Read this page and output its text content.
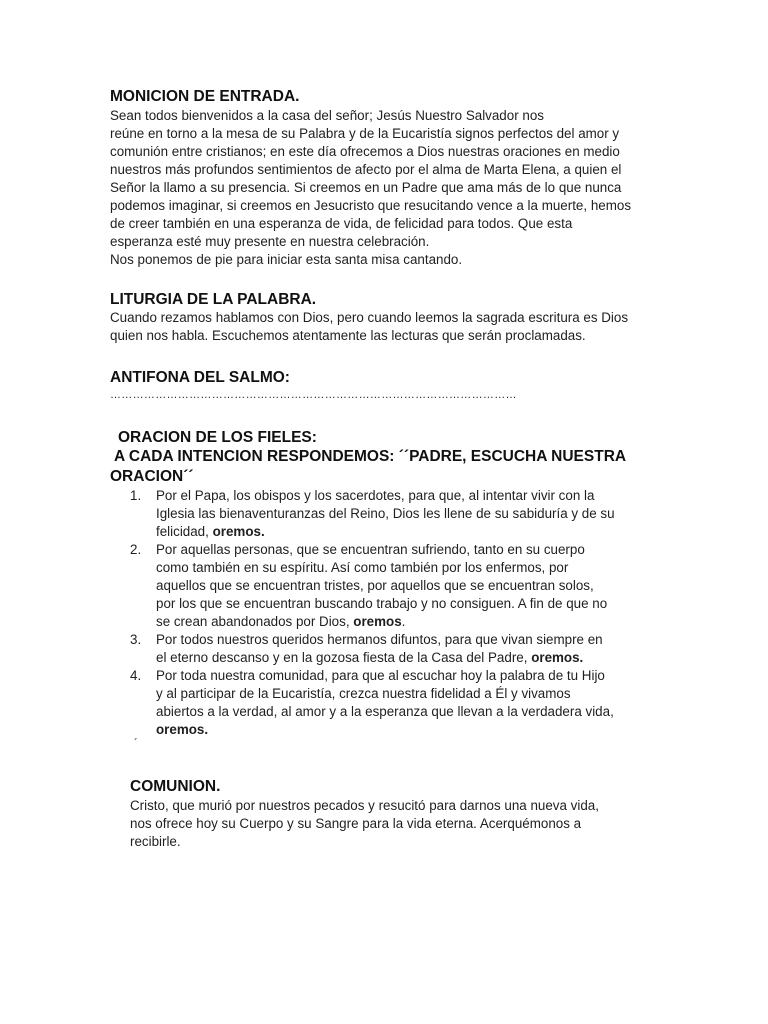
MONICION DE ENTRADA.
Sean todos bienvenidos a la casa del señor; Jesús Nuestro Salvador nos
reúne en torno a la mesa de su Palabra y de la Eucaristía signos perfectos del amor y
comunión entre cristianos; en este día ofrecemos a Dios nuestras oraciones en medio
nuestros más profundos sentimientos de afecto por el alma de Marta Elena, a quien el
Señor la llamo a su presencia. Si creemos en un Padre que ama más de lo que nunca
podemos imaginar, si creemos en Jesucristo que resucitando vence a la muerte, hemos
de creer también en una esperanza de vida, de felicidad para todos. Que esta
esperanza esté muy presente en nuestra celebración.
Nos ponemos de pie para iniciar esta santa misa cantando.
LITURGIA DE LA PALABRA.
Cuando rezamos hablamos con Dios, pero cuando leemos la sagrada escritura es Dios
quien nos habla. Escuchemos atentamente las lecturas que serán proclamadas.
ANTIFONA DEL SALMO:
………………………………………………………………………………………………
ORACION DE LOS FIELES:
A CADA INTENCION RESPONDEMOS: ´´PADRE, ESCUCHA NUESTRA
ORACION´´
1. Por el Papa, los obispos y los sacerdotes, para que, al intentar vivir con la
Iglesia las bienaventuranzas del Reino, Dios les llene de su sabiduría y de su
felicidad, oremos.
2. Por aquellas personas, que se encuentran sufriendo, tanto en su cuerpo
como también en su espíritu. Así como también por los enfermos, por
aquellos que se encuentran tristes, por aquellos que se encuentran solos,
por los que se encuentran buscando trabajo y no consiguen. A fin de que no
se crean abandonados por Dios, oremos.
3. Por todos nuestros queridos hermanos difuntos, para que vivan siempre en
el eterno descanso y en la gozosa fiesta de la Casa del Padre, oremos.
4. Por toda nuestra comunidad, para que al escuchar hoy la palabra de tu Hijo
y al participar de la Eucaristía, crezca nuestra fidelidad a Él y vivamos
abiertos a la verdad, al amor y a la esperanza que llevan a la verdadera vida,
oremos.
´
COMUNION.
Cristo, que murió por nuestros pecados y resucitó para darnos una nueva vida,
nos ofrece hoy su Cuerpo y su Sangre para la vida eterna. Acerquémonos a
recibirle.
